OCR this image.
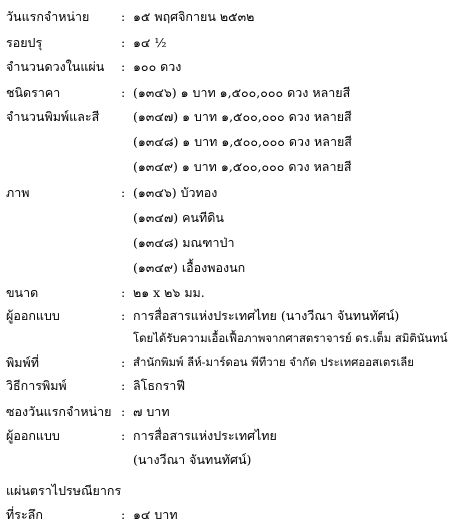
วันแรกจำหน่าย	: ๑๕ พฤศจิกายน ๒๕๓๒
รอยปรุ	: ๑๔ ½
จำนวนดวงในแผ่น : ๑๐๐ ดวง
ชนิดราคา	: (๑๓๔๖) ๑ บาท ๑,๕๐๐,๐๐๐ ดวง หลายสี
จำนวนพิมพ์และสี	(๑๓๔๗) ๑ บาท ๑,๕๐๐,๐๐๐ ดวง หลายสี
(๑๓๔๘) ๑ บาท ๑,๕๐๐,๐๐๐ ดวง หลายสี
(๑๓๔๙) ๑ บาท ๑,๕๐๐,๐๐๐ ดวง หลายสี
ภาพ	: (๑๓๔๖) บัวทอง
(๑๓๔๗) คนทีดิน
(๑๓๔๘) มณฑาป่า
(๑๓๔๙) เอื้องพองนก
ขนาด	: ๒๑ x ๒๖ มม.
ผู้ออกแบบ	: การสื่อสารแห่งประเทศไทย (นางวีณา จันทนทัศน์)
โดยได้รับความเอื้อเฟื้อภาพจากศาสตราจารย์ ดร.เต็ม สมิตินันทน์
พิมพ์ที่	: สำนักพิมพ์ ลีห์-มาร์ดอน พีทีวาย จำกัด ประเทศออสเตรเลีย
วิธีการพิมพ์	: ลิโธกราฟี
ซองวันแรกจำหน่าย : ๗ บาท
ผู้ออกแบบ	: การสื่อสารแห่งประเทศไทย
(นางวีณา จันทนทัศน์)
แผ่นตราไปรษณียากร
ที่ระลึก	: ๑๔ บาท
